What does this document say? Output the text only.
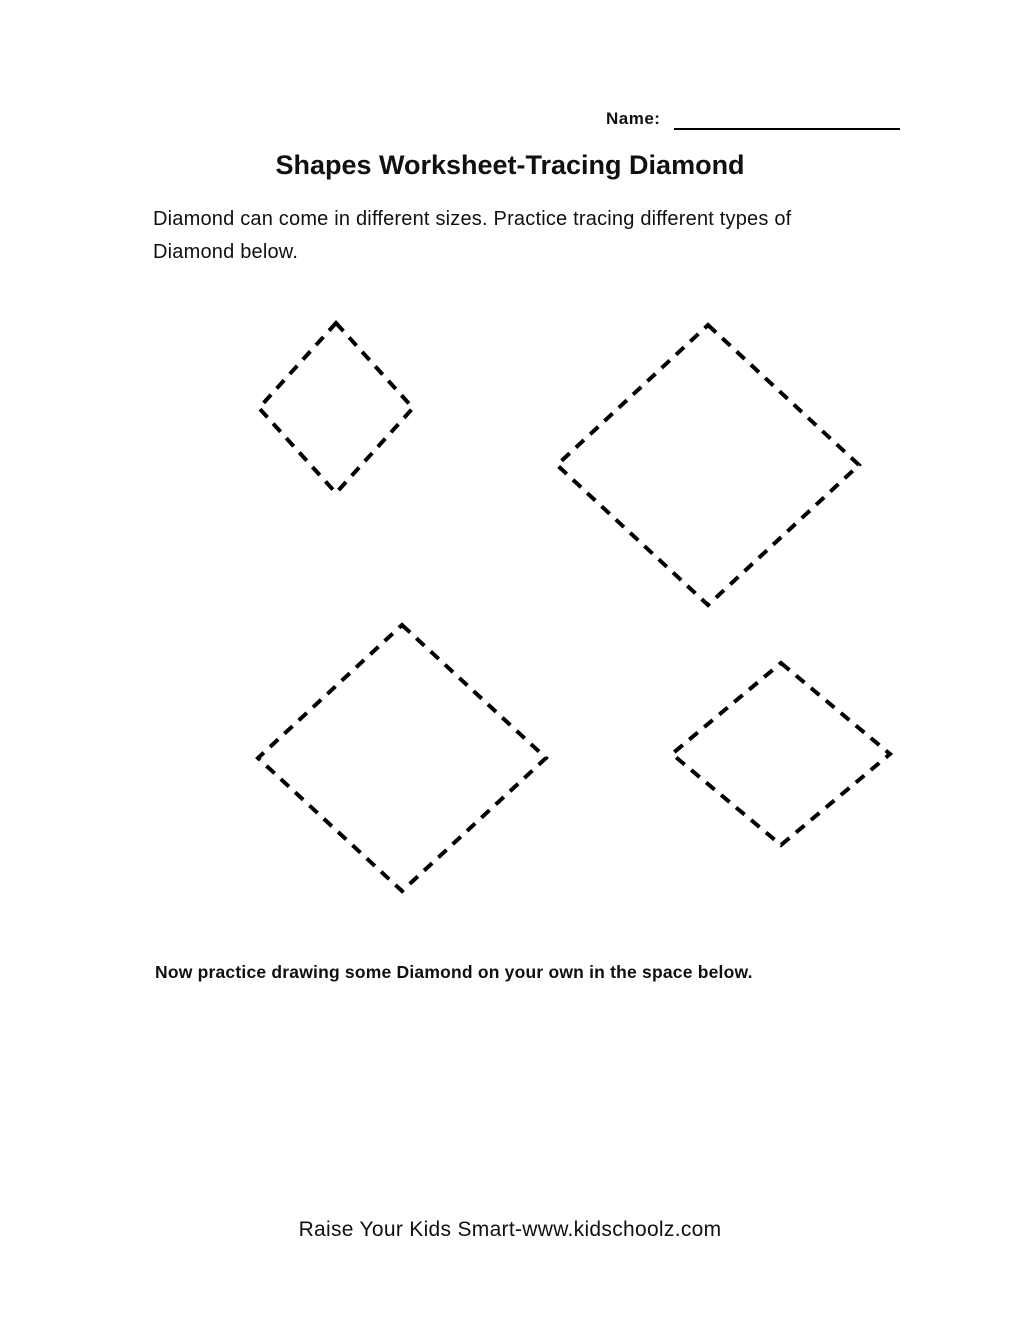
Name:
Shapes Worksheet-Tracing Diamond
Diamond can come in different sizes. Practice tracing different types of Diamond below.
Now practice drawing some Diamond on your own in the space below.
Raise Your Kids Smart-www.kidschoolz.com
